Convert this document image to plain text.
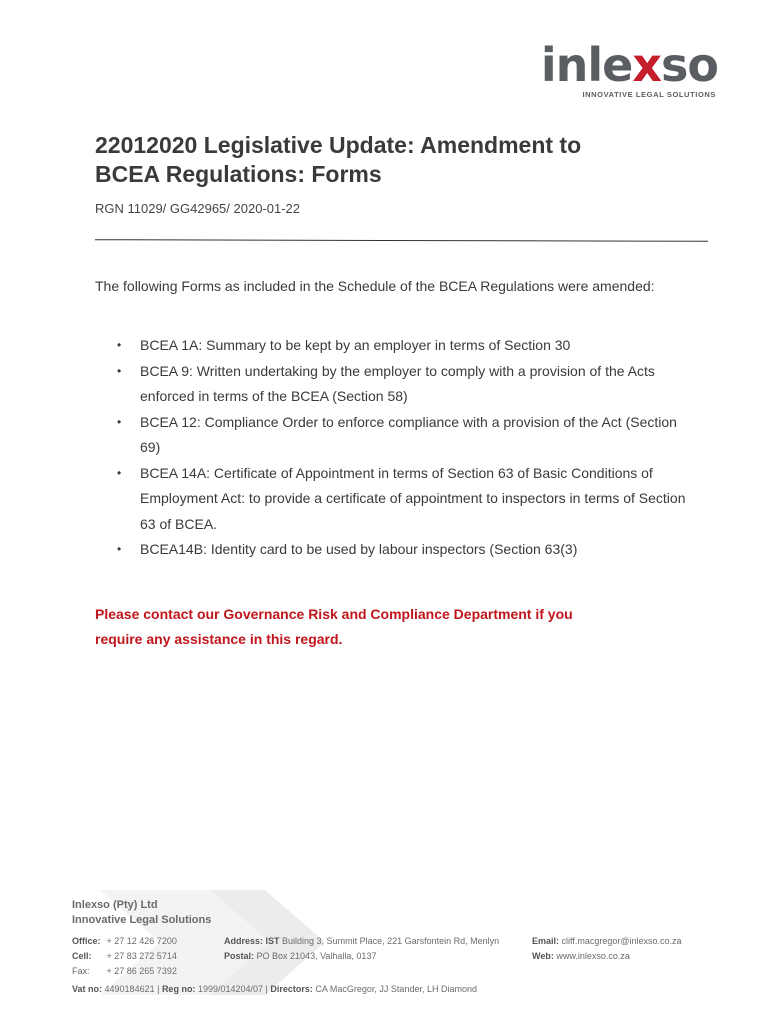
inlexso
INNOVATIVE LEGAL SOLUTIONS
22012020 Legislative Update: Amendment to
BCEA Regulations: Forms
RGN 11029/ GG42965/ 2020-01-22

The following Forms as included in the Schedule of the BCEA Regulations were amended:

• BCEA 1A: Summary to be kept by an employer in terms of Section 30
• BCEA 9: Written undertaking by the employer to comply with a provision of the Acts enforced in terms of the BCEA (Section 58)
• BCEA 12: Compliance Order to enforce compliance with a provision of the Act (Section 69)
• BCEA 14A: Certificate of Appointment in terms of Section 63 of Basic Conditions of Employment Act: to provide a certificate of appointment to inspectors in terms of Section 63 of BCEA.
• BCEA14B: Identity card to be used by labour inspectors (Section 63(3)

Please contact our Governance Risk and Compliance Department if you
require any assistance in this regard.

Inlexso (Pty) Ltd
Innovative Legal Solutions
Office: + 27 12 426 7200
Cell: + 27 83 272 5714
Fax: + 27 86 265 7392
Address: IST Building 3, Summit Place, 221 Garsfontein Rd, Menlyn
Postal: PO Box 21043, Valhalla, 0137
Email: cliff.macgregor@inlexso.co.za
Web: www.inlexso.co.za
Vat no: 4490184621 | Reg no: 1999/014204/07 | Directors: CA MacGregor, JJ Stander, LH Diamond
